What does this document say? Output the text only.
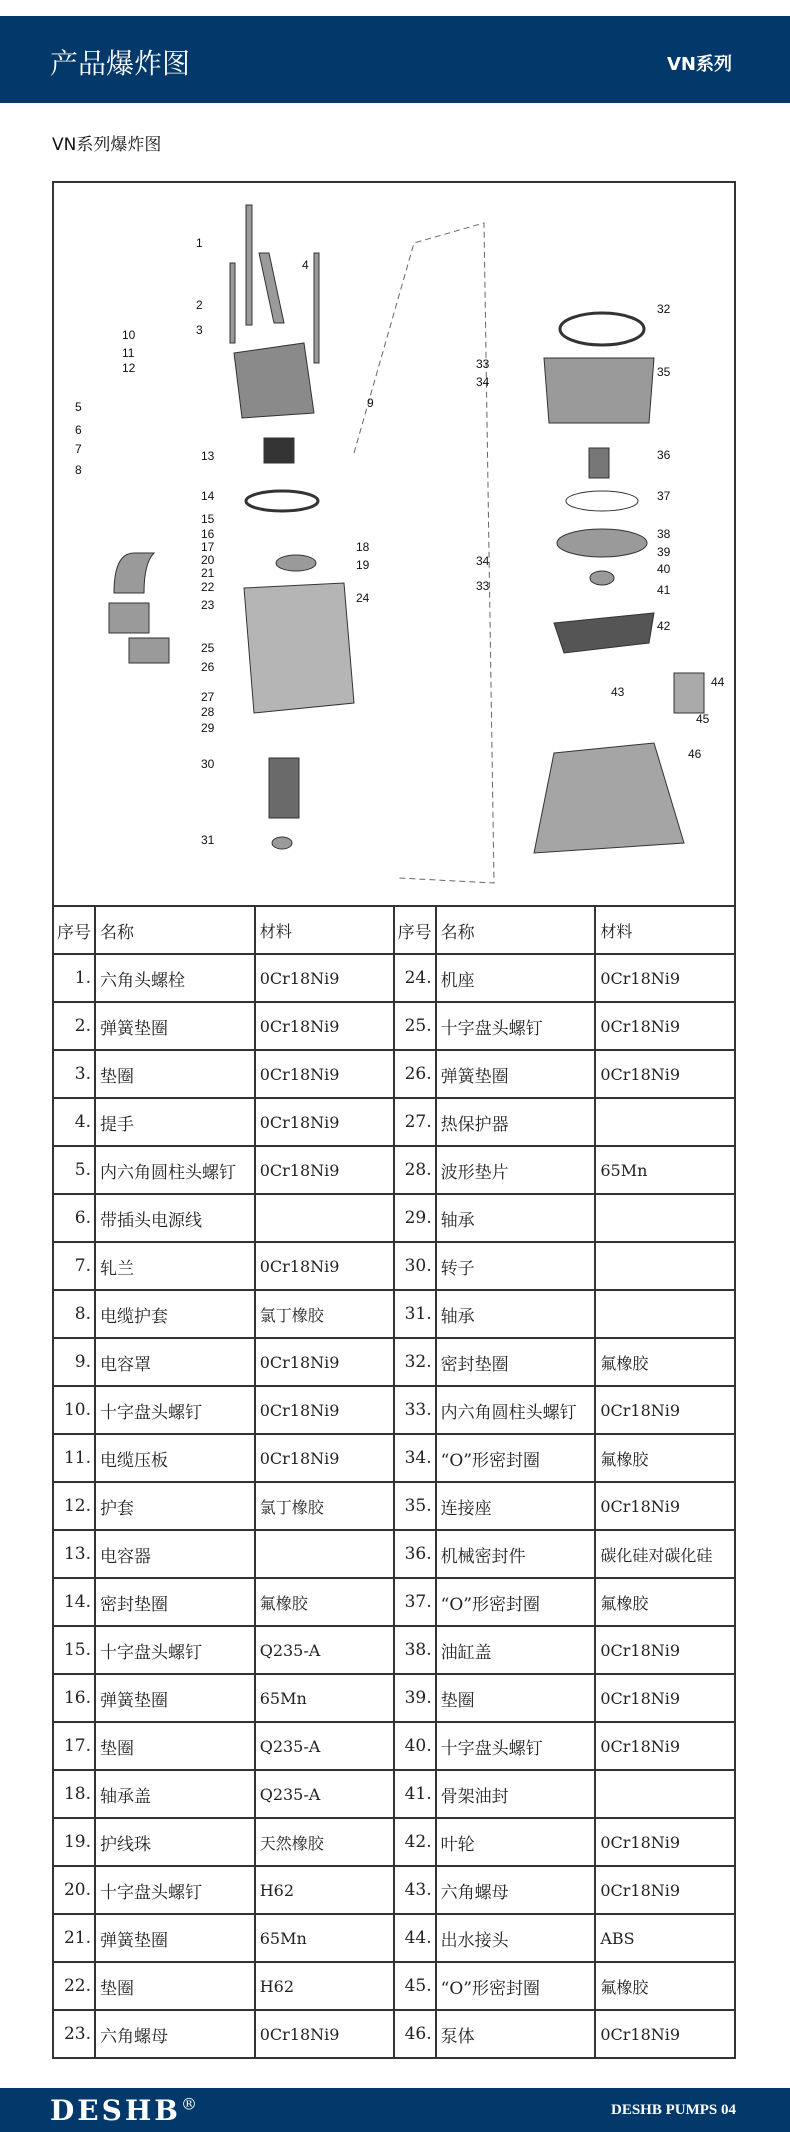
产品爆炸图	VN系列
VN系列爆炸图
1
2
3
4
5
6
7
8
9
10
11
12
13
14
15
16
17	18
19
20
21
22
23	24
25
26
27
28
29
30
31
32
33
34
35
36
37
38
39
40
41
34
33
42
43
44
45
46
序号	名称	材料	序号	名称	材料
1.	六角头螺栓	0Cr18Ni9	24.	机座	0Cr18Ni9
2.	弹簧垫圈	0Cr18Ni9	25.	十字盘头螺钉	0Cr18Ni9
3.	垫圈	0Cr18Ni9	26.	弹簧垫圈	0Cr18Ni9
4.	提手	0Cr18Ni9	27.	热保护器	
5.	内六角圆柱头螺钉	0Cr18Ni9	28.	波形垫片	65Mn
6.	带插头电源线		29.	轴承	
7.	轧兰	0Cr18Ni9	30.	转子	
8.	电缆护套	氯丁橡胶	31.	轴承	
9.	电容罩	0Cr18Ni9	32.	密封垫圈	氟橡胶
10.	十字盘头螺钉	0Cr18Ni9	33.	内六角圆柱头螺钉	0Cr18Ni9
11.	电缆压板	0Cr18Ni9	34.	“O”形密封圈	氟橡胶
12.	护套	氯丁橡胶	35.	连接座	0Cr18Ni9
13.	电容器		36.	机械密封件	碳化硅对碳化硅
14.	密封垫圈	氟橡胶	37.	“O”形密封圈	氟橡胶
15.	十字盘头螺钉	Q235-A	38.	油缸盖	0Cr18Ni9
16.	弹簧垫圈	65Mn	39.	垫圈	0Cr18Ni9
17.	垫圈	Q235-A	40.	十字盘头螺钉	0Cr18Ni9
18.	轴承盖	Q235-A	41.	骨架油封	
19.	护线珠	天然橡胶	42.	叶轮	0Cr18Ni9
20.	十字盘头螺钉	H62	43.	六角螺母	0Cr18Ni9
21.	弹簧垫圈	65Mn	44.	出水接头	ABS
22.	垫圈	H62	45.	“O”形密封圈	氟橡胶
23.	六角螺母	0Cr18Ni9	46.	泵体	0Cr18Ni9
DESHB®	DESHB PUMPS 04
